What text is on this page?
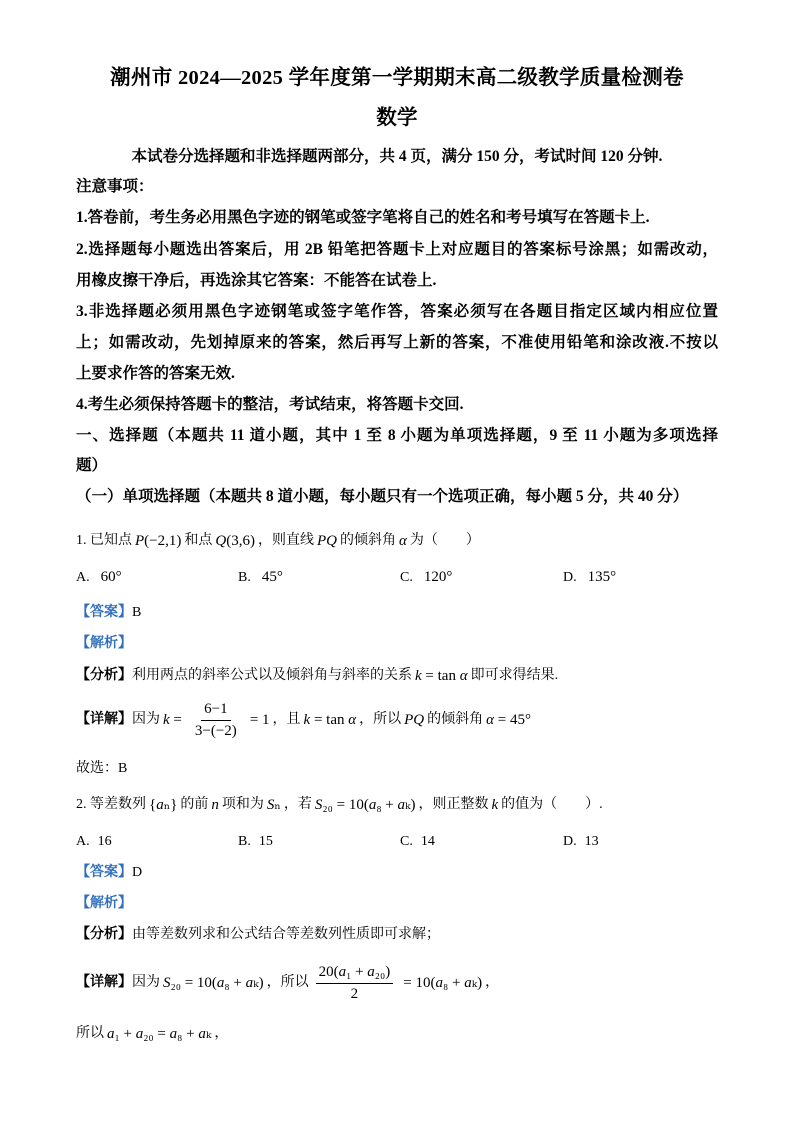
潮州市 2024—2025 学年度第一学期期末高二级教学质量检测卷
数学
本试卷分选择题和非选择题两部分，共 4 页，满分 150 分，考试时间 120 分钟.
注意事项：
1.答卷前，考生务必用黑色字迹的钢笔或签字笔将自己的姓名和考号填写在答题卡上.
2.选择题每小题选出答案后，用 2B 铅笔把答题卡上对应题目的答案标号涂黑；如需改动，
用橡皮擦干净后，再选涂其它答案：不能答在试卷上.
3.非选择题必须用黑色字迹钢笔或签字笔作答，答案必须写在各题目指定区域内相应位置
上；如需改动，先划掉原来的答案，然后再写上新的答案，不准使用铅笔和涂改液.不按以
上要求作答的答案无效.
4.考生必须保持答题卡的整洁，考试结束，将答题卡交回.
一、选择题（本题共 11 道小题，其中 1 至 8 小题为单项选择题，9 至 11 小题为多项选择
题）
（一）单项选择题（本题共 8 道小题，每小题只有一个选项正确，每小题 5 分，共 40 分）
1. 已知点 P(−2,1) 和点 Q(3,6) ，则直线 PQ 的倾斜角 α 为（　　）
A. 60°	B. 45°	C. 120°	D. 135°
【答案】 B
【解析】
【分析】 利用两点的斜率公式以及倾斜角与斜率的关系 k = tan α 即可求得结果.
【详解】 因为 $k = \frac{6-1}{3-(-2)} = 1$ ，且 k = tan α ，所以 PQ 的倾斜角 α = 45°
故选：B
2. 等差数列 {aₙ} 的前 n 项和为 Sₙ ，若 S₂₀ = 10(a₈ + aₖ) ，则正整数 k 的值为（　　）.
A. 16	B. 15	C. 14	D. 13
【答案】 D
【解析】
【分析】 由等差数列求和公式结合等差数列性质即可求解；
【详解】 因为 S₂₀ = 10(a₈ + aₖ) ，所以 $\frac{\text{20(a₁ + a₂₀)}}{2} = 10(a_8 + a_k)$ ，
所以 a₁ + a₂₀ = a₈ + aₖ ，
